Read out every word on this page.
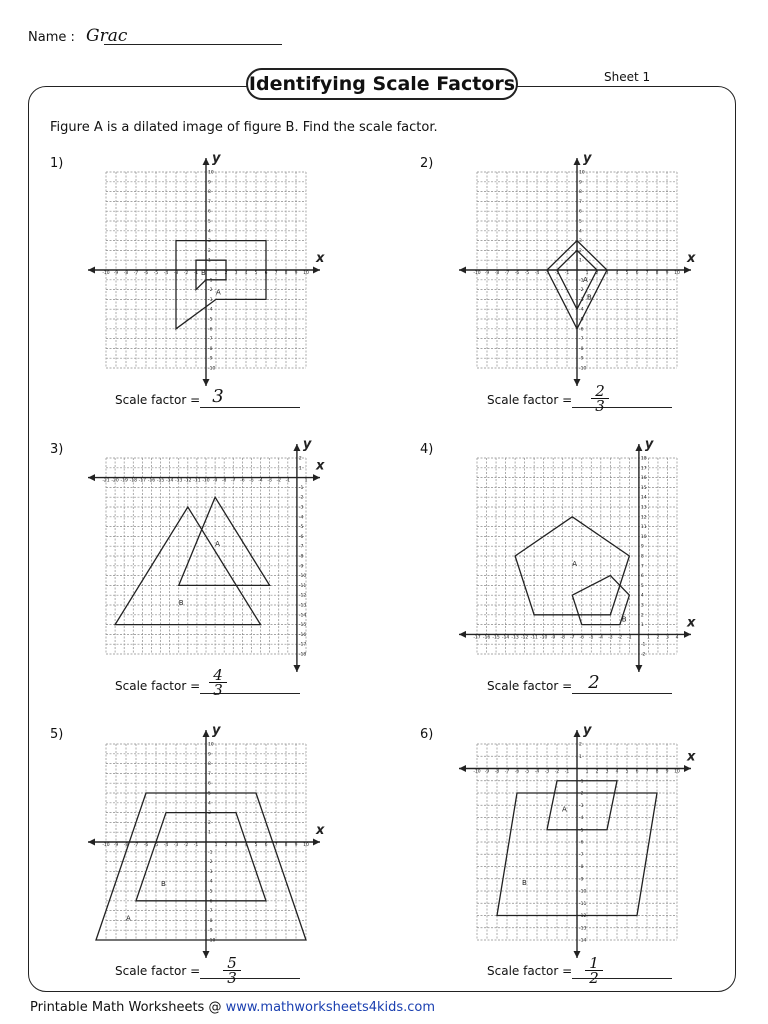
Name : Grac
Identifying Scale Factors	Sheet 1
Figure A is a dilated image of figure B. Find the scale factor.
1)	2)
3)	4)
5)	6)
x
y
-10 -9 -8 -7 -6 -5 -4 -3 -2 -1	1 2 3 4 5 6 7 8 9 10
-10
-9
-8
-7
-6
-5
-4
-3
-2
-1
1
2
3
4
5
6
7
8
9
10
A
B
x
y
-10 -9 -8 -7 -6 -5 -4 -3 -2 -1	1 2 3 4 5 6 7 8 9 10
-10
-9
-8
-7
-6
-5
-4
-3
-2
-1
1
2
3
4
5
6
7
8
9
10
A
B
x
y
-21 -20 -19 -18 -17 -16 -15 -14 -13 -12 -11 -10 -9 -8 -7 -6 -5 -4 -3 -2 -1	1
-18
-17
-16
-15
-14
-13
-12
-11
-10
-9
-8
-7
-6
-5
-4
-3
-2
-1
1
2
A
B
x
y
-17 -16 -15 -14 -13 -12 -11 -10 -9 -8 -7 -6 -5 -4 -3 -2 -1	1 2 3 4
-2
-1
1
2
3
4
5
6
7
8
9
10
11
12
13
14
15
16
17
18
A
B
x
y
-10 -9 -8 -7 -6 -5 -4 -3 -2 -1	1 2 3 4 5 6 7 8 9 10
-10
-9
-8
-7
-6
-5
-4
-3
-2
-1
1
2
3
4
5
6
7
8
9
10
A
B
x
y
-10 -9 -8 -7 -6 -5 -4 -3 -2 -1	1 2 3 4 5 6 7 8 9 10
-14
-13
-12
-11
-10
-9
-8
-7
-6
-5
-4
-3
-2
-1
1
2
A
B
Scale factor = 3	Scale factor =	2
3
Scale factor =
4
3	Scale factor = 2
Scale factor =	5
3	Scale factor =	1
2
Printable Math Worksheets @ www.mathworksheets4kids.com
